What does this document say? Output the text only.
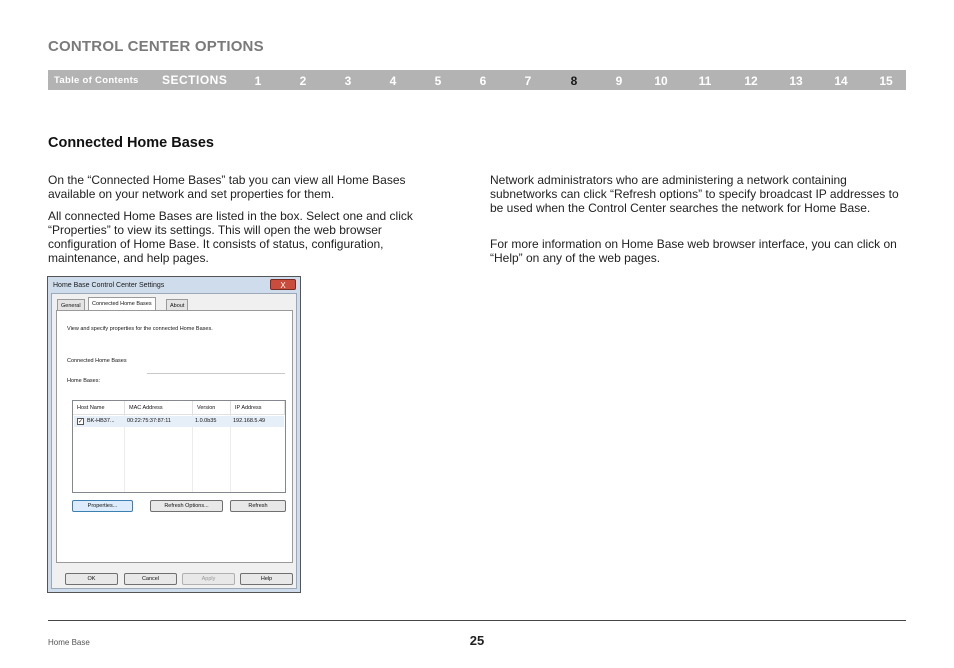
CONTROL CENTER OPTIONS
Table of Contents SECTIONS	1	2	3	4	5	6	7	8	9	10	11	12	13	14	15
Connected Home Bases
On the “Connected Home Bases” tab you can view all Home Bases available on your network and set properties for them.
All connected Home Bases are listed in the box. Select one and click “Properties” to view its settings. This will open the web browser configuration of Home Base. It consists of status, configuration, maintenance, and help pages.
Network administrators who are administering a network containing subnetworks can click “Refresh options” to specify broadcast IP addresses to be used when the Control Center searches the network for Home Base.
For more information on Home Base web browser interface, you can click on “Help” on any of the web pages.
Home Base Control Center Settings	X
General	Connected Home Bases	About
View and specify properties for the connected Home Bases.
Connected Home Bases
Home Bases:
Host Name	MAC Address	Version	IP Address
✓ BK-HB37... 00:22:75:37:87:11	1.0.0b35	192.168.5.49
Properties...	Refresh Options...	Refresh
OK	Cancel	Apply	Help
Home Base	25
